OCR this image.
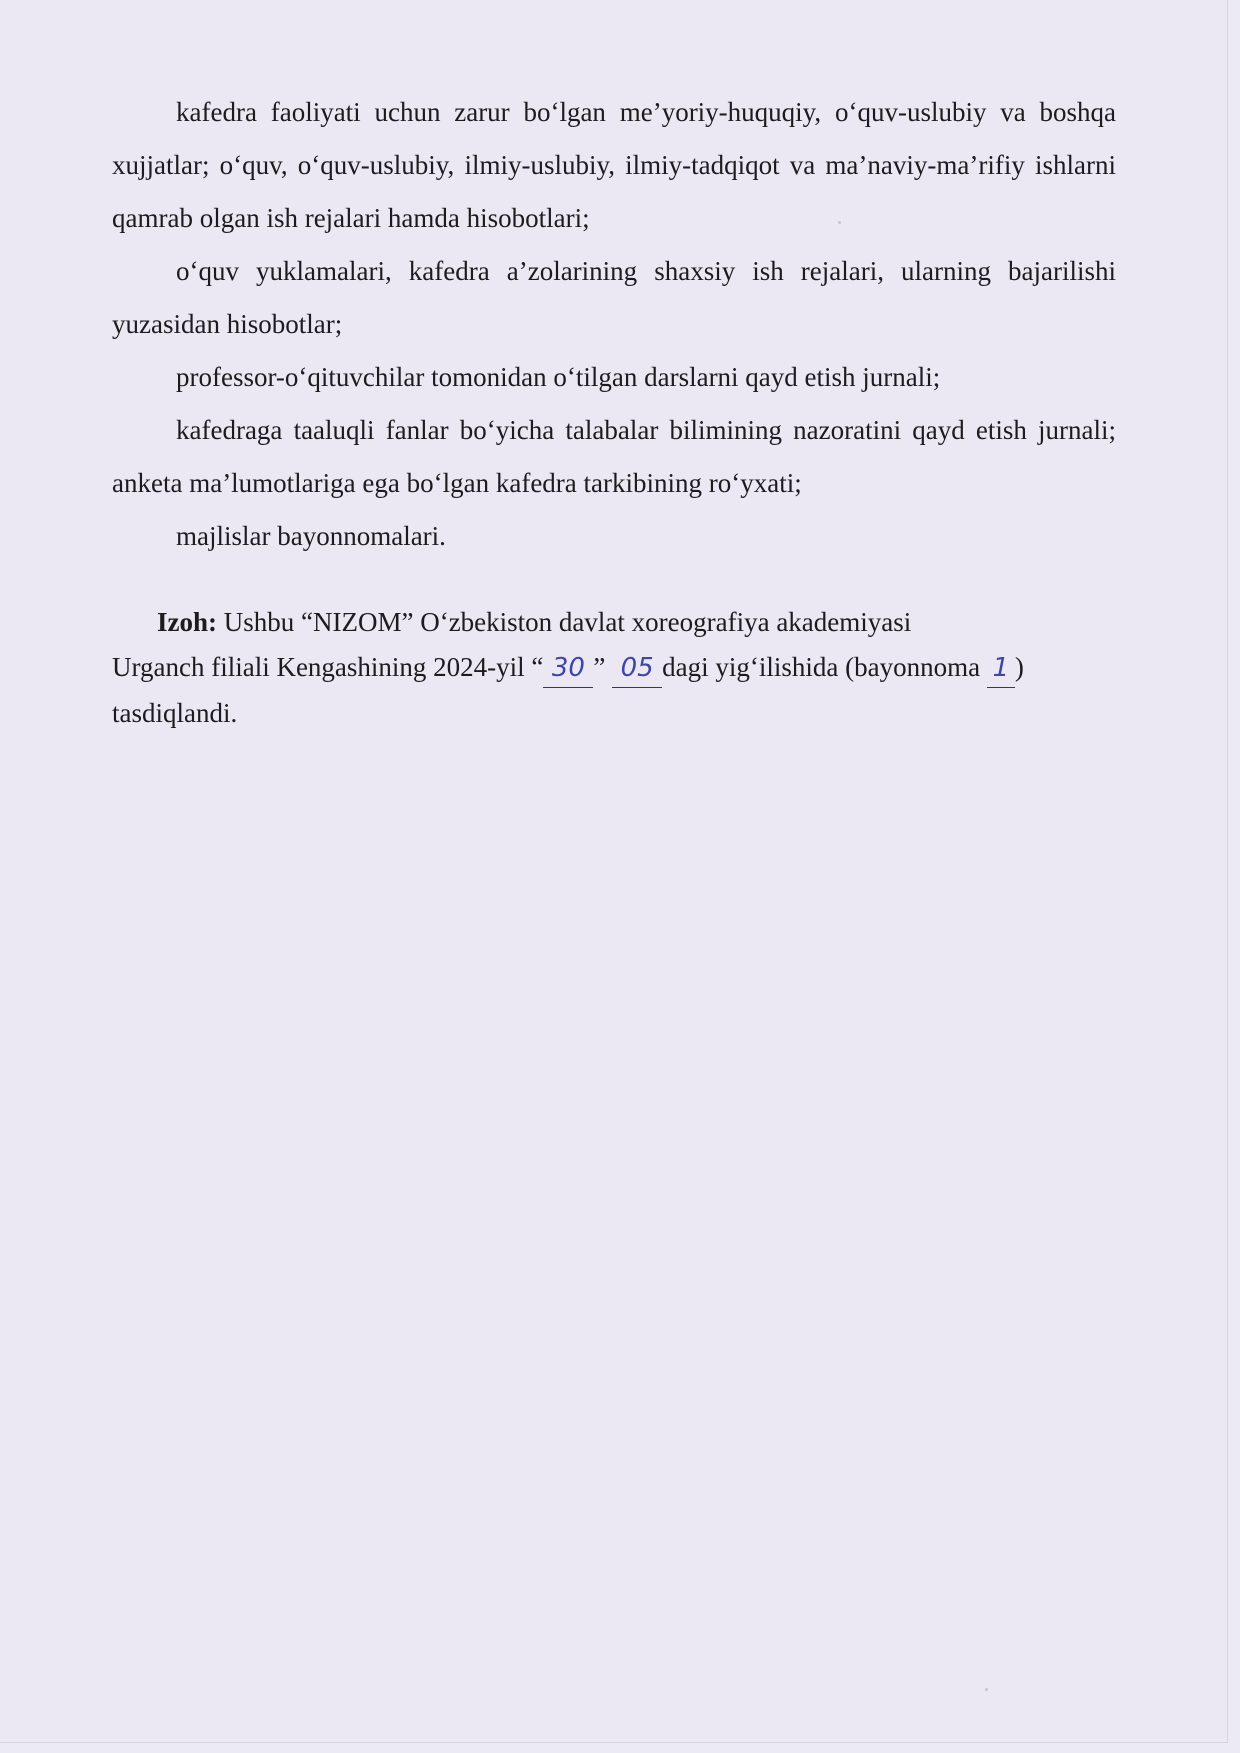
kafedra faoliyati uchun zarur bo‘lgan me’yoriy-huquqiy, o‘quv-uslubiy va boshqa xujjatlar; o‘quv, o‘quv-uslubiy, ilmiy-uslubiy, ilmiy-tadqiqot va ma’naviy-ma’rifiy ishlarni qamrab olgan ish rejalari hamda hisobotlari;

o‘quv yuklamalari, kafedra a’zolarining shaxsiy ish rejalari, ularning bajarilishi yuzasidan hisobotlar;

professor-o‘qituvchilar tomonidan o‘tilgan darslarni qayd etish jurnali;

kafedraga taaluqli fanlar bo‘yicha talabalar bilimining nazoratini qayd etish jurnali; anketa ma’lumotlariga ega bo‘lgan kafedra tarkibining ro‘yxati;

majlislar bayonnomalari.

Izoh: Ushbu “NIZOM” O‘zbekiston davlat xoreografiya akademiyasi

Urganch filiali Kengashining 2024-yil “ 30 ” 05 dagi yig‘ilishida (bayonnoma 1 )

tasdiqlandi.
